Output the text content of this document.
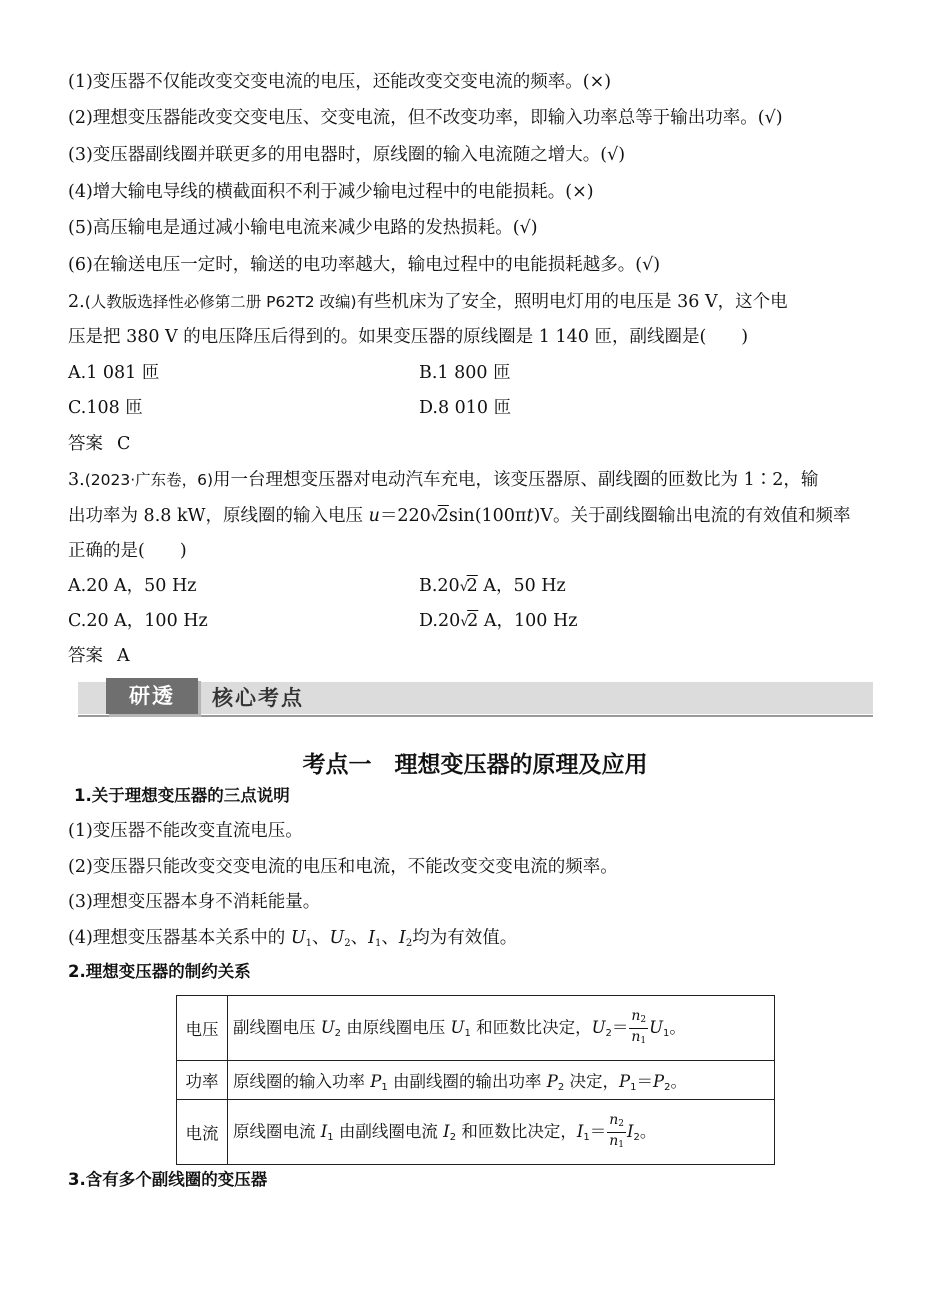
(1)变压器不仅能改变交变电流的电压，还能改变交变电流的频率。(×)
(2)理想变压器能改变交变电压、交变电流，但不改变功率，即输入功率总等于输出功率。(√)
(3)变压器副线圈并联更多的用电器时，原线圈的输入电流随之增大。(√)
(4)增大输电导线的横截面积不利于减少输电过程中的电能损耗。(×)
(5)高压输电是通过减小输电电流来减少电路的发热损耗。(√)
(6)在输送电压一定时，输送的电功率越大，输电过程中的电能损耗越多。(√)
2.(人教版选择性必修第二册 P62T2 改编)有些机床为了安全，照明电灯用的电压是 36 V，这个电
压是把 380 V 的电压降压后得到的。如果变压器的原线圈是 1 140 匝，副线圈是(　　)
A.1 081 匝	B.1 800 匝
C.108 匝	D.8 010 匝
答案 C
3.(2023·广东卷，6)用一台理想变压器对电动汽车充电，该变压器原、副线圈的匝数比为 1∶2，输
出功率为 8.8 kW，原线圈的输入电压 u＝220√2sin(100πt)V。关于副线圈输出电流的有效值和频率
正确的是(　　)
A.20 A，50 Hz	B.20√2 A，50 Hz
C.20 A，100 Hz	D.20√2 A，100 Hz
答案 A
研透	核心考点
考点一　理想变压器的原理及应用
1.关于理想变压器的三点说明
(1)变压器不能改变直流电压。
(2)变压器只能改变交变电流的电压和电流，不能改变交变电流的频率。
(3)理想变压器本身不消耗能量。
(4)理想变压器基本关系中的 $U_1$、$U_2$、$I_1$、$I_2$均为有效值。
2.理想变压器的制约关系
电压	副线圈电压 $U_2$ 由原线圈电压 $U_1$ 和匝数比决定，$U_2= \frac{n_2}{n_1} U_1$。
功率	原线圈的输入功率 $P_1$ 由副线圈的输出功率 $P_2$ 决定，$P_1=P_2$。
电流	原线圈电流 $I_1$ 由副线圈电流 $I_2$ 和匝数比决定，$I_1= \frac{n_2}{n_1} I_2$。
3.含有多个副线圈的变压器
